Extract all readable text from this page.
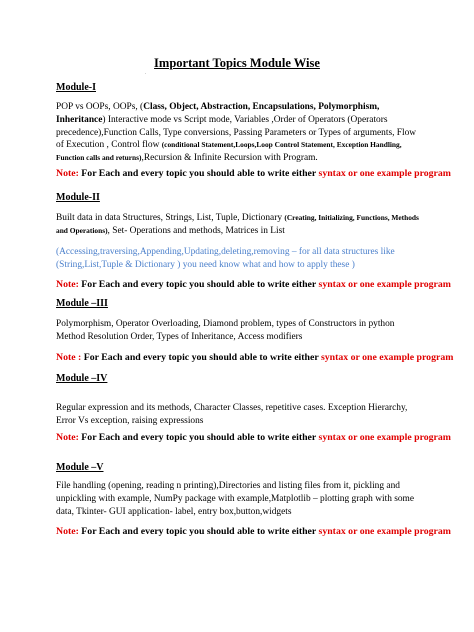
Important Topics Module Wise
.
Module-I
POP vs OOPs, OOPs, (Class, Object, Abstraction, Encapsulations, Polymorphism, Inheritance) Interactive mode vs Script mode, Variables ,Order of Operators (Operators precedence),Function Calls, Type conversions, Passing Parameters or Types of arguments, Flow of Execution , Control flow (conditional Statement,Loops,Loop Control Statement, Exception Handling, Function calls and returns),Recursion & Infinite Recursion with Program.
Note: For Each and every topic you should able to write either syntax or one example program
Module-II
Built data in data Structures, Strings, List, Tuple, Dictionary (Creating, Initializing, Functions, Methods and Operations), Set- Operations and methods, Matrices in List
(Accessing,traversing,Appending,Updating,deleting,removing – for all data structures like (String,List,Tuple & Dictionary ) you need know what and how to apply these )
Note: For Each and every topic you should able to write either syntax or one example program
Module –III
Polymorphism, Operator Overloading, Diamond problem, types of Constructors in python
Method Resolution Order, Types of Inheritance, Access modifiers
Note : For Each and every topic you should able to write either syntax or one example program
Module –IV
Regular expression and its methods, Character Classes, repetitive cases. Exception Hierarchy, Error Vs exception, raising expressions
Note: For Each and every topic you should able to write either syntax or one example program
Module –V
File handling (opening, reading n printing),Directories and listing files from it, pickling and unpickling with example, NumPy package with example,Matplotlib – plotting graph with some data, Tkinter- GUI application- label, entry box,button,widgets
Note: For Each and every topic you should able to write either syntax or one example program
